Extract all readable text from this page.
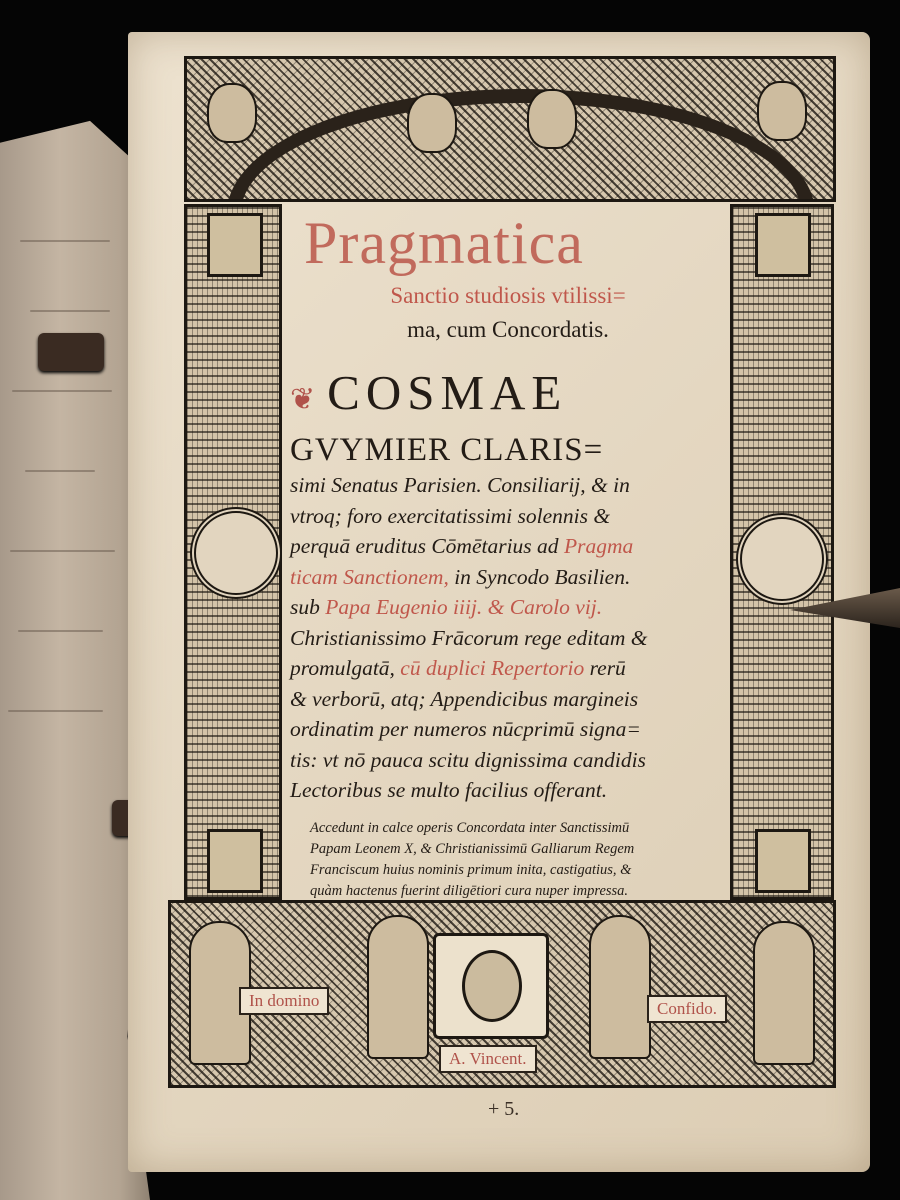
Pragmatica
Sanctio studiosis vtilissi=
ma, cum Concordatis.
❦ COSMAE
GVYMIER CLARIS=
simi Senatus Parisien. Consiliarij, & in
vtroq; foro exercitatissimi solennis &
perquā eruditus Cōmētarius ad Pragma
ticam Sanctionem, in Syncodo Basilien.
sub Papa Eugenio iiij. & Carolo vij.
Christianissimo Frācorum rege editam &
promulgatā, cū duplici Repertorio rerū
& verborū, atq; Appendicibus margineis
ordinatim per numeros nūcprimū signa=
tis: vt nō pauca scitu dignissima candidis
Lectoribus se multo facilius offerant.
Accedunt in calce operis Concordata inter Sanctissimū
Papam Leonem X, & Christianissimū Galliarum Regem
Franciscum huius nominis primum inita, castigatius, &
quàm hactenus fuerint diligētiori cura nuper impressa.
In domino	Confido.
A. Vincent.
+ 5.
